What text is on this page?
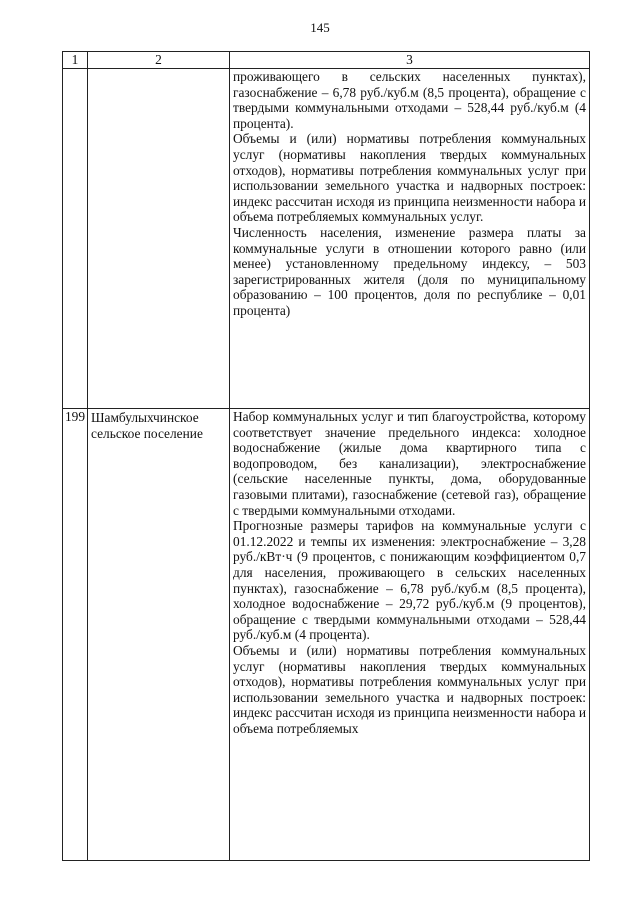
145
1	2	3

		проживающего в сельских населенных пунктах), газоснабжение – 6,78 руб./куб.м (8,5 процента), обращение с твердыми коммунальными отходами – 528,44 руб./куб.м (4 процента).

Объемы и (или) нормативы потребления коммунальных услуг (нормативы накопления твердых коммунальных отходов), нормативы потребления коммунальных услуг при использовании земельного участка и надворных построек: индекс рассчитан исходя из принципа неизменности набора и объема потребляемых коммунальных услуг.

Численность населения, изменение размера платы за коммунальные услуги в отношении которого равно (или менее) установленному предельному индексу, – 503 зарегистрированных жителя (доля по муниципальному образованию – 100 процентов, доля по республике – 0,01 процента)

199	Шамбулыхчинское сельское поселение	Набор коммунальных услуг и тип благоустройства, которому соответствует значение предельного индекса: холодное водоснабжение (жилые дома квартирного типа с водопроводом, без канализации), электроснабжение (сельские населенные пункты, дома, оборудованные газовыми плитами), газоснабжение (сетевой газ), обращение с твердыми коммунальными отходами.

Прогнозные размеры тарифов на коммунальные услуги с 01.12.2022 и темпы их изменения: электроснабжение – 3,28 руб./кВт·ч (9 процентов, с понижающим коэффициентом 0,7 для населения, проживающего в сельских населенных пунктах), газоснабжение – 6,78 руб./куб.м (8,5 процента), холодное водоснабжение – 29,72 руб./куб.м (9 процентов), обращение с твердыми коммунальными отходами – 528,44 руб./куб.м (4 процента).

Объемы и (или) нормативы потребления коммунальных услуг (нормативы накопления твердых коммунальных отходов), нормативы потребления коммунальных услуг при использовании земельного участка и надворных построек: индекс рассчитан исходя из принципа неизменности набора и объема потребляемых
